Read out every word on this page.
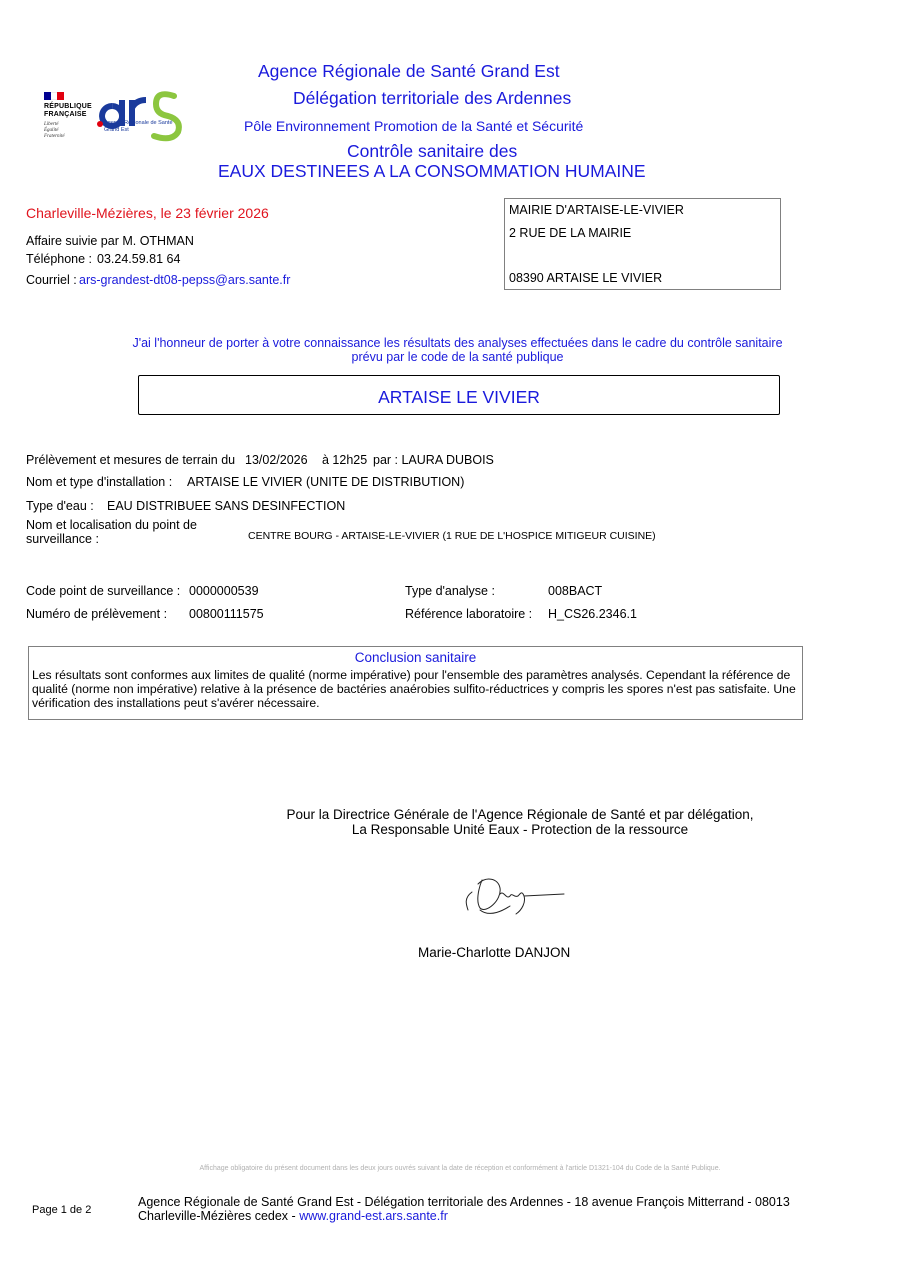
RÉPUBLIQUE
FRANÇAISE
Liberté
Égalité
Fraternité
Agence Régionale de Santé
Grand Est
Agence Régionale de Santé Grand Est
Délégation territoriale des Ardennes
Pôle Environnement Promotion de la Santé et Sécurité
Contrôle sanitaire des
EAUX DESTINEES A LA CONSOMMATION HUMAINE
Charleville-Mézières, le 23 février 2026
Affaire suivie par M. OTHMAN
Téléphone : 03.24.59.81 64
Courriel : ars-grandest-dt08-pepss@ars.sante.fr
MAIRIE D'ARTAISE-LE-VIVIER
2 RUE DE LA MAIRIE
08390 ARTAISE LE VIVIER
J'ai l'honneur de porter à votre connaissance les résultats des analyses effectuées dans le cadre du contrôle sanitaire
prévu par le code de la santé publique
ARTAISE LE VIVIER
Prélèvement et mesures de terrain du 13/02/2026 à 12h25 par : LAURA DUBOIS
Nom et type d'installation : ARTAISE LE VIVIER (UNITE DE DISTRIBUTION)
Type d'eau : EAU DISTRIBUEE SANS DESINFECTION
Nom et localisation du point de
surveillance :	CENTRE BOURG - ARTAISE-LE-VIVIER (1 RUE DE L'HOSPICE MITIGEUR CUISINE)
Code point de surveillance : 0000000539	Type d'analyse :	008BACT
Numéro de prélèvement : 00800111575	Référence laboratoire : H_CS26.2346.1
Conclusion sanitaire
Les résultats sont conformes aux limites de qualité (norme impérative) pour l'ensemble des paramètres analysés. Cependant la référence de
qualité (norme non impérative) relative à la présence de bactéries anaérobies sulfito-réductrices y compris les spores n'est pas satisfaite. Une
vérification des installations peut s'avérer nécessaire.
Pour la Directrice Générale de l'Agence Régionale de Santé et par délégation,
La Responsable Unité Eaux - Protection de la ressource
Marie-Charlotte DANJON
Affichage obligatoire du présent document dans les deux jours ouvrés suivant la date de réception et conformément à l'article D1321-104 du Code de la Santé Publique.
Page 1 de 2
Agence Régionale de Santé Grand Est - Délégation territoriale des Ardennes - 18 avenue François Mitterrand - 08013
Charleville-Mézières cedex - www.grand-est.ars.sante.fr
